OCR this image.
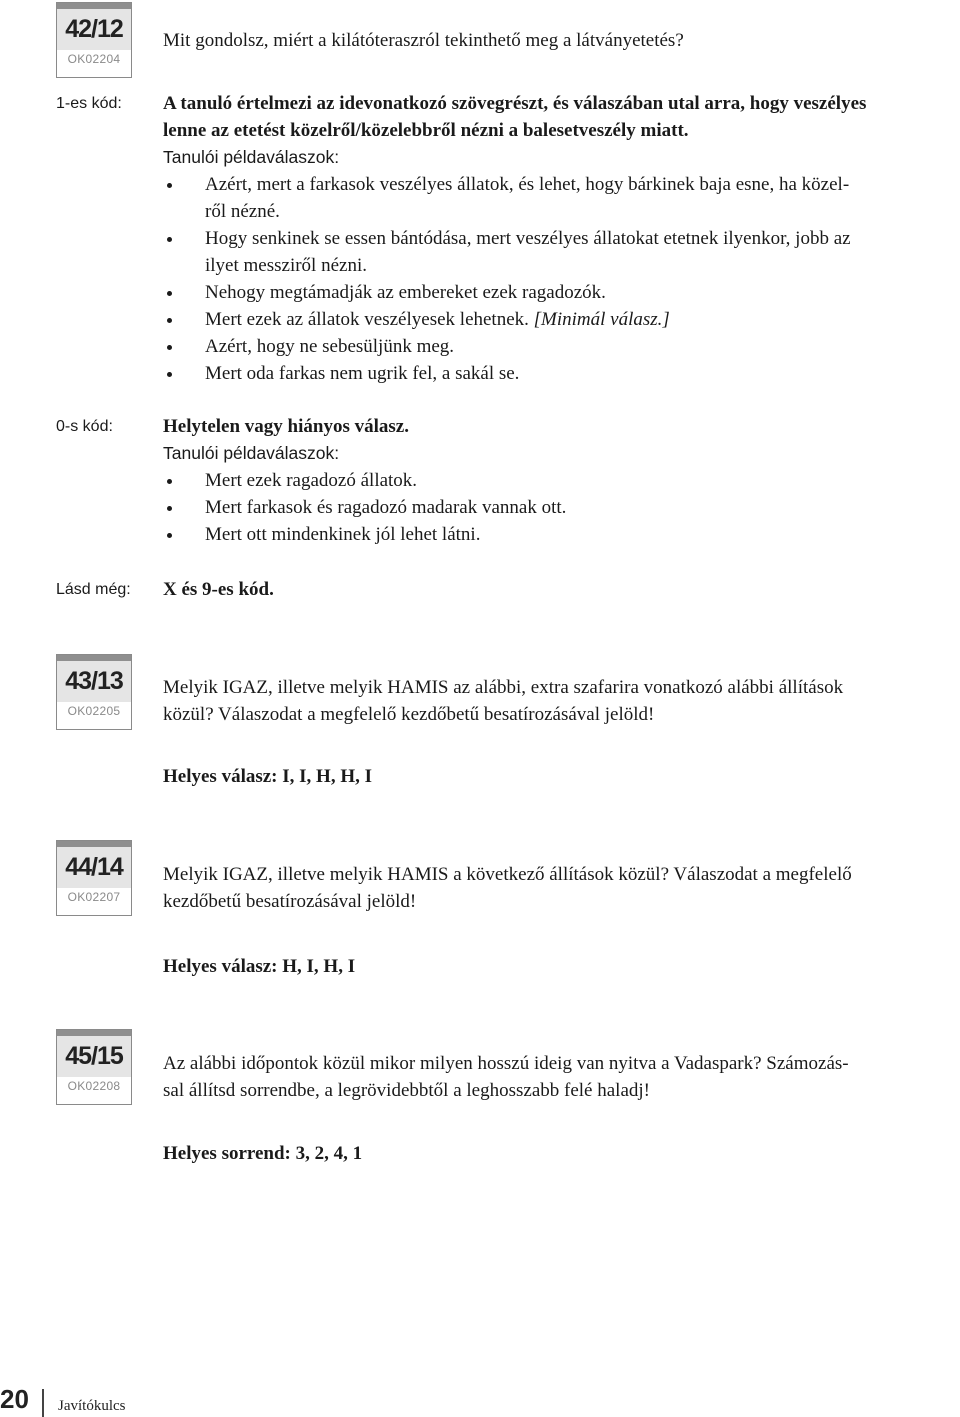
42/12
OK02204
Mit gondolsz, miért a kilátóteraszról tekinthető meg a látványetetés?
1-es kód:	A tanuló értelmezi az idevonatkozó szövegrészt, és válaszában utal arra, hogy veszélyes
lenne az etetést közelről/közelebbről nézni a balesetveszély miatt.
Tanulói példaválaszok:
Azért, mert a farkasok veszélyes állatok, és lehet, hogy bárkinek baja esne, ha közel-
ről nézné.
Hogy senkinek se essen bántódása, mert veszélyes állatokat etetnek ilyenkor, jobb az
ilyet messziről nézni.
Nehogy megtámadják az embereket ezek ragadozók.
Mert ezek az állatok veszélyesek lehetnek. [Minimál válasz.]
Azért, hogy ne sebesüljünk meg.
Mert oda farkas nem ugrik fel, a sakál se.
0-s kód:	Helytelen vagy hiányos válasz.
Tanulói példaválaszok:
Mert ezek ragadozó állatok.
Mert farkasok és ragadozó madarak vannak ott.
Mert ott mindenkinek jól lehet látni.
Lásd még: X és 9-es kód.
43/13
OK02205
Melyik IGAZ, illetve melyik HAMIS az alábbi, extra szafarira vonatkozó alábbi állítások
közül? Válaszodat a megfelelő kezdőbetű besatírozásával jelöld!
Helyes válasz: I, I, H, H, I
44/14
OK02207
Melyik IGAZ, illetve melyik HAMIS a következő állítások közül? Válaszodat a megfelelő
kezdőbetű besatírozásával jelöld!
Helyes válasz: H, I, H, I
45/15
OK02208
Az alábbi időpontok közül mikor milyen hosszú ideig van nyitva a Vadaspark? Számozás-
sal állítsd sorrendbe, a legrövidebbtől a leghosszabb felé haladj!
Helyes sorrend: 3, 2, 4, 1
20 Javítókulcs
